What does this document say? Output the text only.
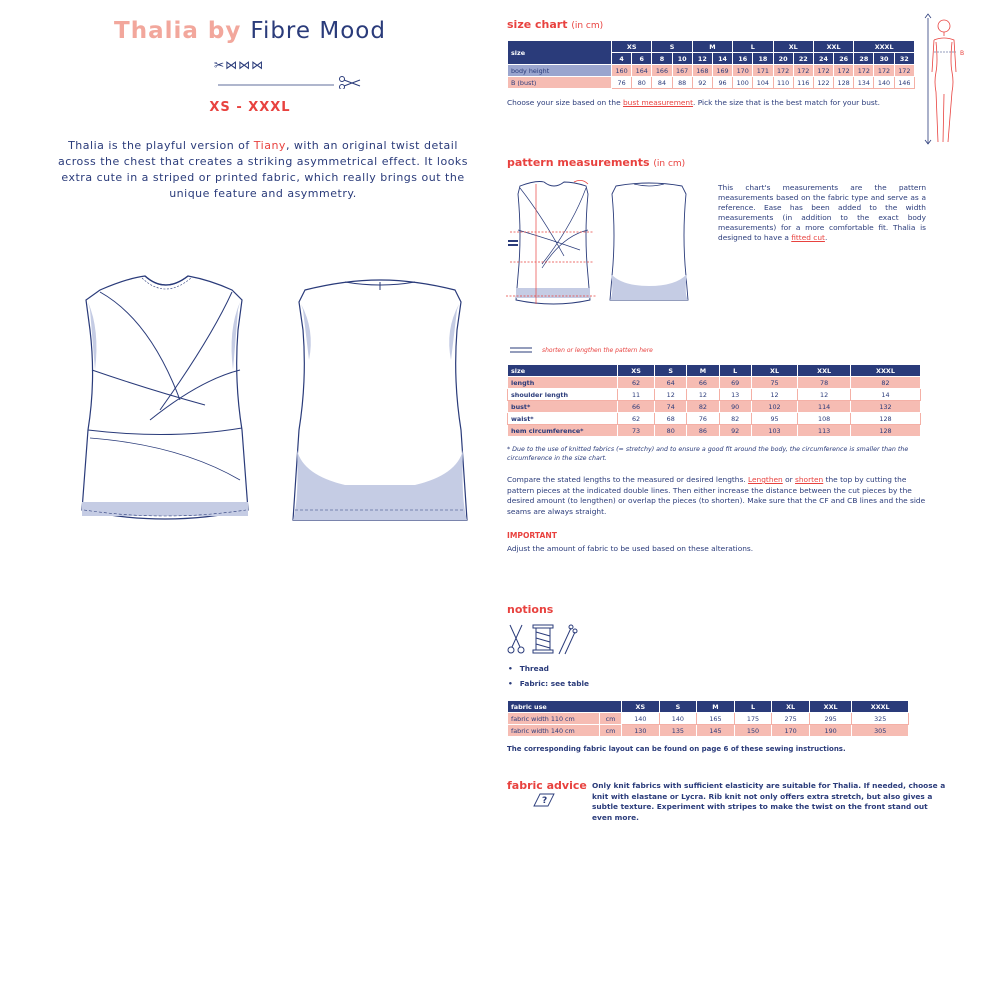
Thalia by Fibre Mood
✂⋈⋈⋈
XS - XXXL
Thalia is the playful version of Tiany, with an original twist detail across the chest that creates a striking asymmetrical effect. It looks extra cute in a striped or printed fabric, which really brings out the unique feature and asymmetry.
size chart (in cm)
size	XS		S		M		L		XL		XXL		XXXL		
	4	6	8	10	12	14	16	18	20	22	24	26	28	30	32
body height	160	164	166	167	168	169	170	171	172	172	172	172	172	172	172
B (bust)	76	80	84	88	92	96	100	104	110	116	122	128	134	140	146
Choose your size based on the bust measurement. Pick the size that is the best match for your bust.
B
pattern measurements (in cm)
This chart's measurements are the pattern measurements based on the fabric type and serve as a reference. Ease has been added to the width measurements (in addition to the exact body measurements) for a more comfortable fit. Thalia is designed to have a fitted cut.
shorten or lengthen the pattern here
size	XS	S	M	L	XL	XXL	XXXL
length	62	64	66	69	75	78	82
shoulder length	11	12	12	13	12	12	14
bust*	66	74	82	90	102	114	132
waist*	62	68	76	82	95	108	128
hem circumference*	73	80	86	92	103	113	128
* Due to the use of knitted fabrics (= stretchy) and to ensure a good fit around the body, the circumference is smaller than the circumference in the size chart.
Compare the stated lengths to the measured or desired lengths. Lengthen or shorten the top by cutting the pattern pieces at the indicated double lines. Then either increase the distance between the cut pieces by the desired amount (to lengthen) or overlap the pieces (to shorten). Make sure that the CF and CB lines and the side seams are always straight.
IMPORTANT
Adjust the amount of fabric to be used based on these alterations.
notions
• Thread
• Fabric: see table
fabric use		XS	S	M	L	XL	XXL	XXXL
fabric width 110 cm	cm	140	140	165	175	275	295	325
fabric width 140 cm	cm	130	135	145	150	170	190	305
The corresponding fabric layout can be found on page 6 of these sewing instructions.
fabric advice
?
Only knit fabrics with sufficient elasticity are suitable for Thalia. If needed, choose a knit with elastane or Lycra. Rib knit not only offers extra stretch, but also gives a subtle texture. Experiment with stripes to make the twist on the front stand out even more.
